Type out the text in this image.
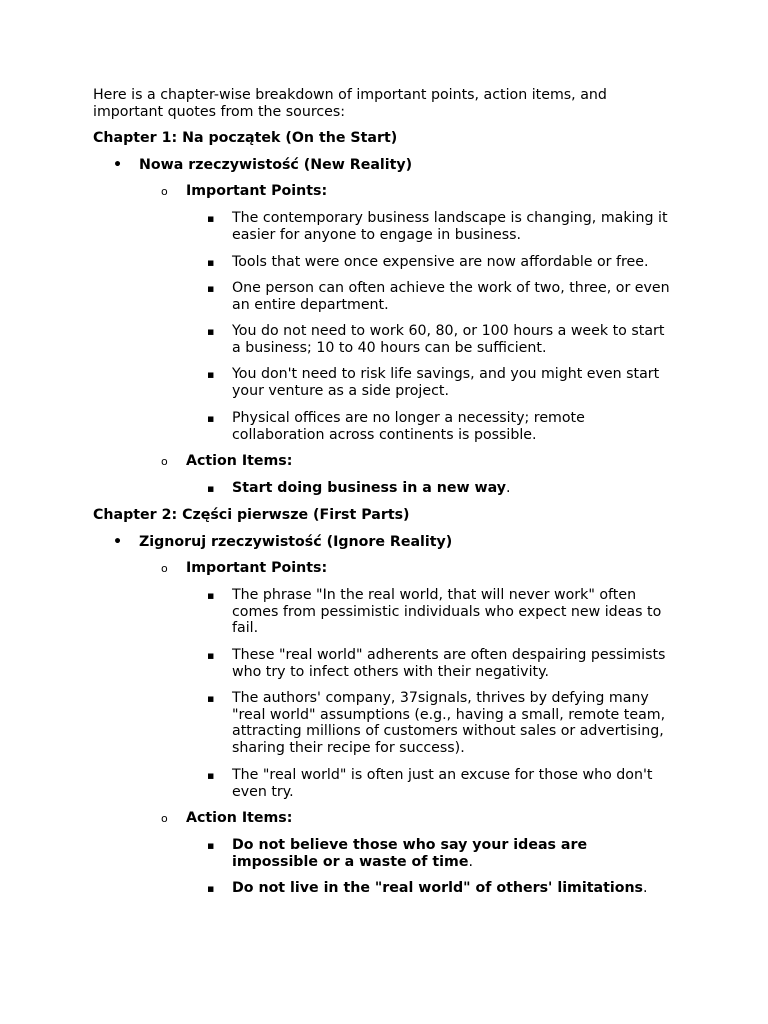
Here is a chapter-wise breakdown of important points, action items, and important quotes from the sources:

Chapter 1: Na początek (On the Start)

• Nowa rzeczywistość (New Reality)

o Important Points:

▪ The contemporary business landscape is changing, making it easier for anyone to engage in business.

▪ Tools that were once expensive are now affordable or free.

▪ One person can often achieve the work of two, three, or even an entire department.

▪ You do not need to work 60, 80, or 100 hours a week to start a business; 10 to 40 hours can be sufficient.

▪ You don't need to risk life savings, and you might even start your venture as a side project.

▪ Physical offices are no longer a necessity; remote collaboration across continents is possible.

o Action Items:

▪ Start doing business in a new way.

Chapter 2: Części pierwsze (First Parts)

• Zignoruj rzeczywistość (Ignore Reality)

o Important Points:

▪ The phrase "In the real world, that will never work" often comes from pessimistic individuals who expect new ideas to fail.

▪ These "real world" adherents are often despairing pessimists who try to infect others with their negativity.

▪ The authors' company, 37signals, thrives by defying many "real world" assumptions (e.g., having a small, remote team, attracting millions of customers without sales or advertising, sharing their recipe for success).

▪ The "real world" is often just an excuse for those who don't even try.

o Action Items:

▪ Do not believe those who say your ideas are impossible or a waste of time.

▪ Do not live in the "real world" of others' limitations.
